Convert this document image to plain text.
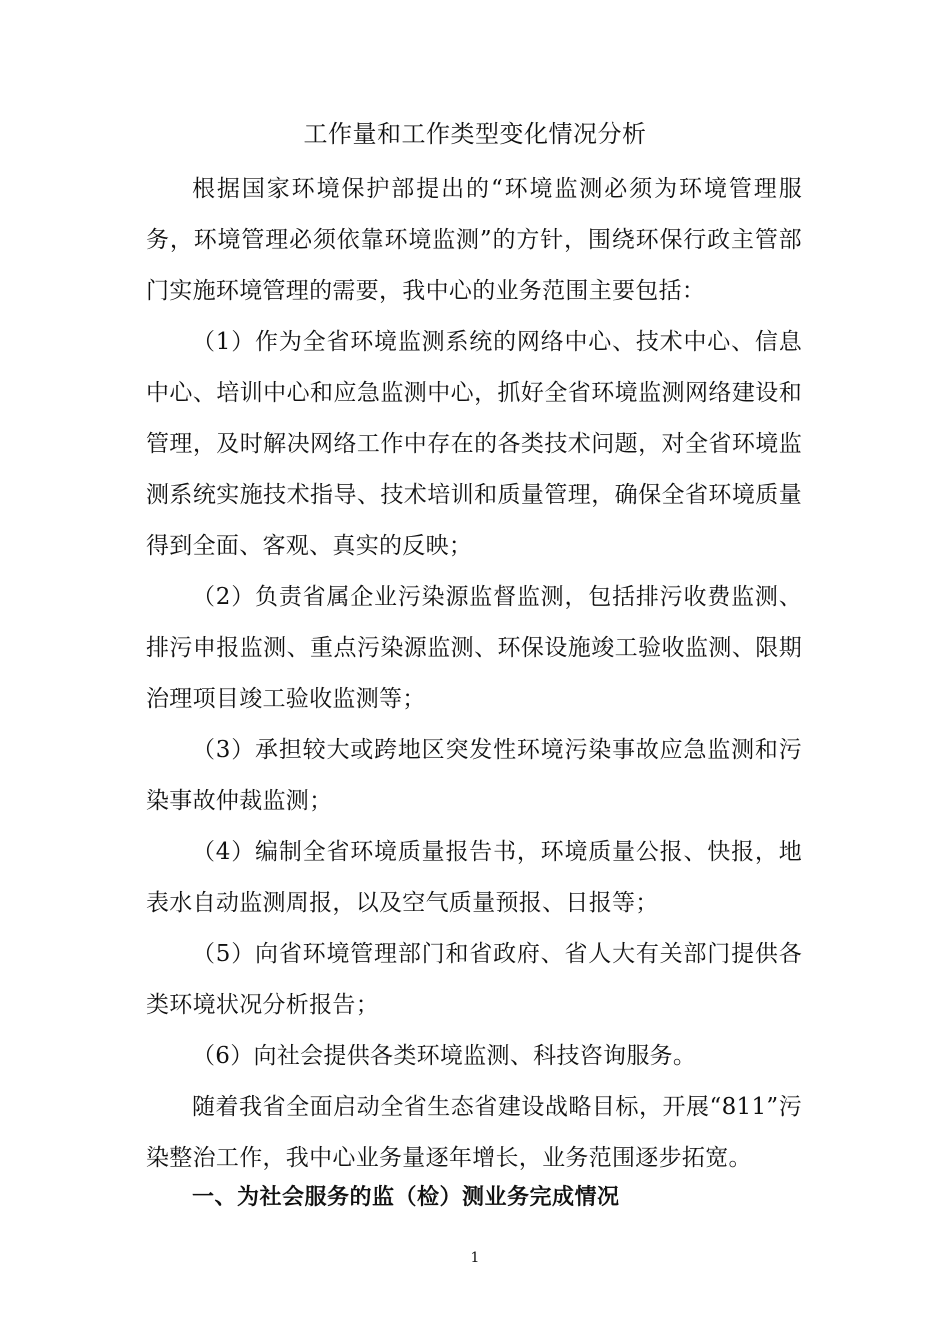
工作量和工作类型变化情况分析

根据国家环境保护部提出的“环境监测必须为环境管理服务，环境管理必须依靠环境监测”的方针，围绕环保行政主管部门实施环境管理的需要，我中心的业务范围主要包括：

（1）作为全省环境监测系统的网络中心、技术中心、信息中心、培训中心和应急监测中心，抓好全省环境监测网络建设和管理，及时解决网络工作中存在的各类技术问题，对全省环境监测系统实施技术指导、技术培训和质量管理，确保全省环境质量得到全面、客观、真实的反映；

（2）负责省属企业污染源监督监测，包括排污收费监测、排污申报监测、重点污染源监测、环保设施竣工验收监测、限期治理项目竣工验收监测等；

（3）承担较大或跨地区突发性环境污染事故应急监测和污染事故仲裁监测；

（4）编制全省环境质量报告书，环境质量公报、快报，地表水自动监测周报，以及空气质量预报、日报等；

（5）向省环境管理部门和省政府、省人大有关部门提供各类环境状况分析报告；

（6）向社会提供各类环境监测、科技咨询服务。

随着我省全面启动全省生态省建设战略目标，开展“811”污染整治工作，我中心业务量逐年增长，业务范围逐步拓宽。

一、为社会服务的监（检）测业务完成情况
1
